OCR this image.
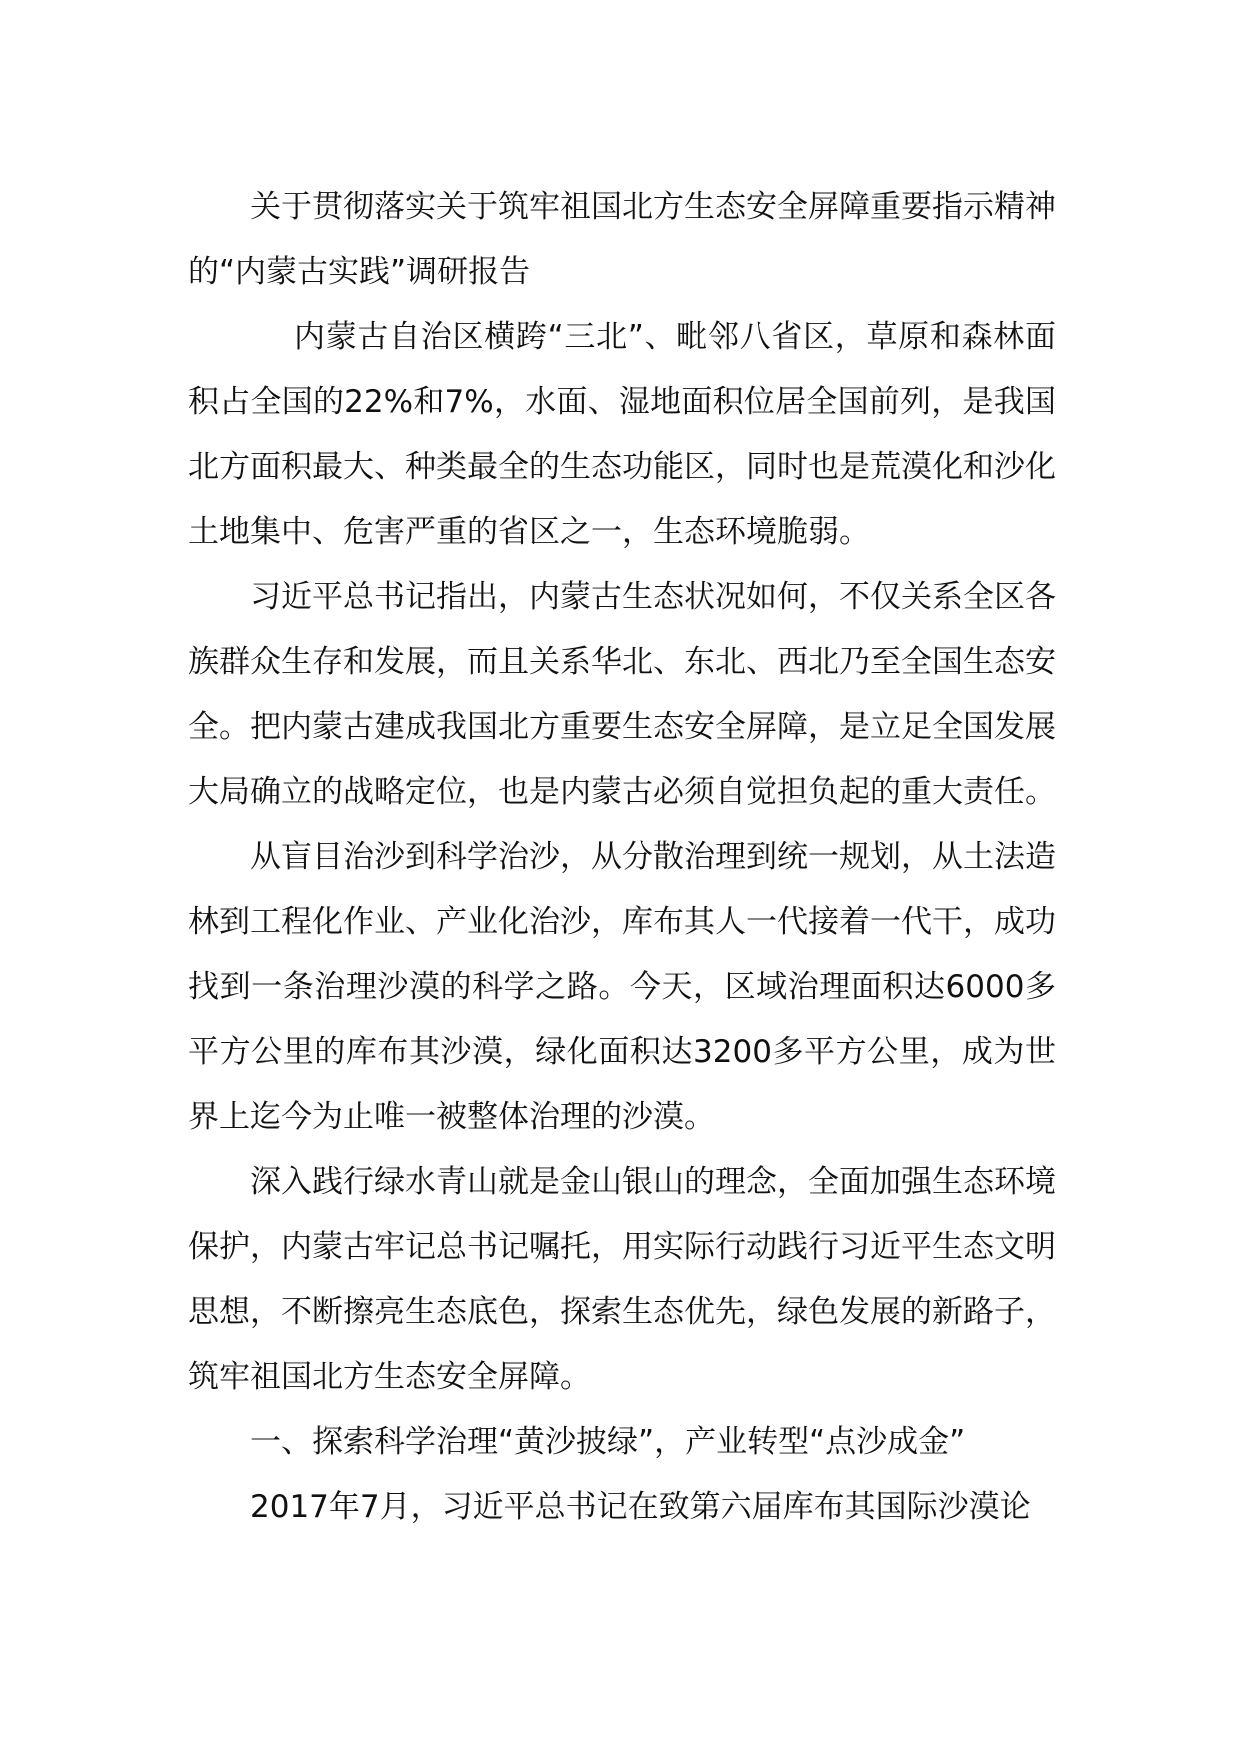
关于贯彻落实关于筑牢祖国北方生态安全屏障重要指示精神的“内蒙古实践”调研报告

内蒙古自治区横跨“三北”、毗邻八省区，草原和森林面积占全国的22%和7%，水面、湿地面积位居全国前列，是我国北方面积最大、种类最全的生态功能区，同时也是荒漠化和沙化土地集中、危害严重的省区之一，生态环境脆弱。

习近平总书记指出，内蒙古生态状况如何，不仅关系全区各族群众生存和发展，而且关系华北、东北、西北乃至全国生态安全。把内蒙古建成我国北方重要生态安全屏障，是立足全国发展大局确立的战略定位，也是内蒙古必须自觉担负起的重大责任。

从盲目治沙到科学治沙，从分散治理到统一规划，从土法造林到工程化作业、产业化治沙，库布其人一代接着一代干，成功找到一条治理沙漠的科学之路。今天，区域治理面积达6000多平方公里的库布其沙漠，绿化面积达3200多平方公里，成为世界上迄今为止唯一被整体治理的沙漠。

深入践行绿水青山就是金山银山的理念，全面加强生态环境保护，内蒙古牢记总书记嘱托，用实际行动践行习近平生态文明思想，不断擦亮生态底色，探索生态优先，绿色发展的新路子，筑牢祖国北方生态安全屏障。

一、探索科学治理“黄沙披绿”，产业转型“点沙成金”

2017年7月，习近平总书记在致第六届库布其国际沙漠论
